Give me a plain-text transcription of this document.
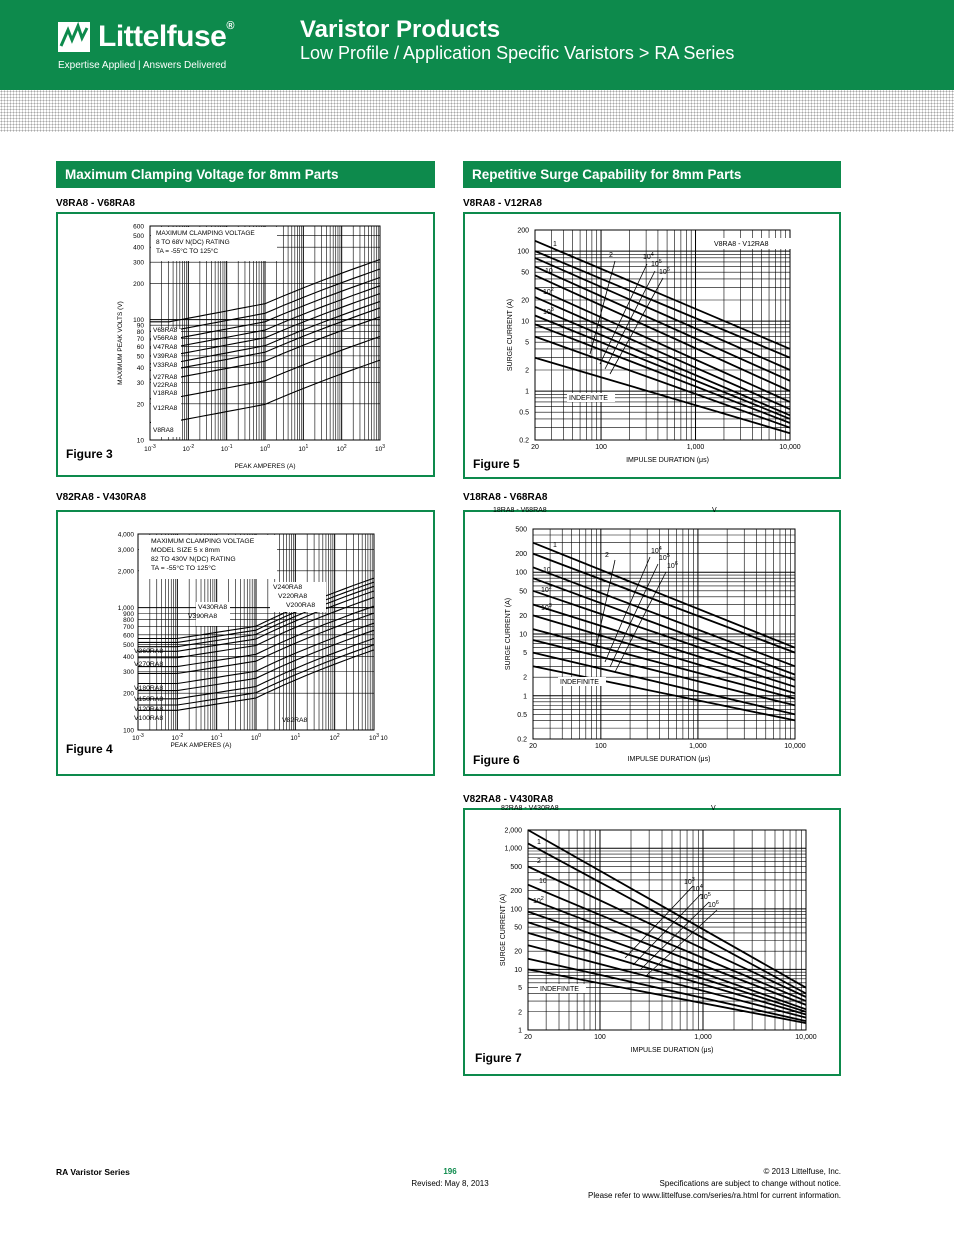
Littelfuse®
Expertise Applied | Answers Delivered
Varistor Products
Low Profile / Application Specific Varistors > RA Series
Maximum Clamping Voltage for 8mm Parts	Repetitive Surge Capability for 8mm Parts
V8RA8 - V68RA8	V8RA8 - V12RA8
V82RA8 - V430RA8	V18RA8 - V68RA8
V82RA8 - V430RA8
Figure 3
600
500
400
300
200
100
90
80
70
60
50
40
30
20
10
$10^{-3}$	$10^{-2}$	$10^{-1}$	$10^0$	$10^1$	$10^2$	$10^3$
PEAK AMPERES (A)
MAXIMUM PEAK VOLTS (V)	V68RA8
V56RA8
V47RA8
V39RA8
V33RA8
V27RA8
V22RA8
V18RA8
V12RA8
V8RA8
MAXIMUM CLAMPING VOLTAGE
8 TO 68V N(DC) RATING
TA = -55°C TO 125°C
Figure 4
4,000
3,000
2,000
1,000
900
800
700
600
500
400
300
200
100
$10^{-3}$	$10^{-2}$	$10^{-1}$	$10^0$	$10^1$	$10^2$	$10^3$ 10
PEAK AMPERES (A)
MAXIMUM CLAMPING VOLTAGE
MODEL SIZE 5 x 8mm
82 TO 430V N(DC) RATING
TA = -55°C TO 125°C
V430RA8
V390RA8
V240RA8
V220RA8
V200RA8
V360RA8
V270RA8
V180RA8
V150RA8
V120RA8
V100RA8	V82RA8
Figure 5
200
100
50
20
10
5
2
1
0.5
0.2
20	100	1,000	10,000
IMPULSE DURATION (μs)
SURGE CURRENT (A)
V8RA8 - V12RA8
1
2
10
$10^4$
$10^5$
$10^6$
$10^2$
$10^3$
INDEFINITE
Figure 6
500
200
100
50
20
10
5
2
1
0.5
0.2
20	100	1,000	10,000
IMPULSE DURATION (μs)
SURGE CURRENT (A)
V18RA8 - V68RA8
1
2
10
$10^4$
$10^5$
$10^6$
$10^2$
$10^3$
INDEFINITE
Figure 7
2,000
1,000
500
200
100
50
20
10
5
2
1
20	100	1,000	10,000
IMPULSE DURATION (μs)
SURGE CURRENT (A)
V82RA8 - V430RA8
1
2
10	$10^3$
$10^4$
$10^5$
$10^6$
$10^2$
INDEFINITE
RA Varistor Series	196
Revised: May 8, 2013
© 2013 Littelfuse, Inc.
Specifications are subject to change without notice.
Please refer to www.littelfuse.com/series/ra.html for current information.
